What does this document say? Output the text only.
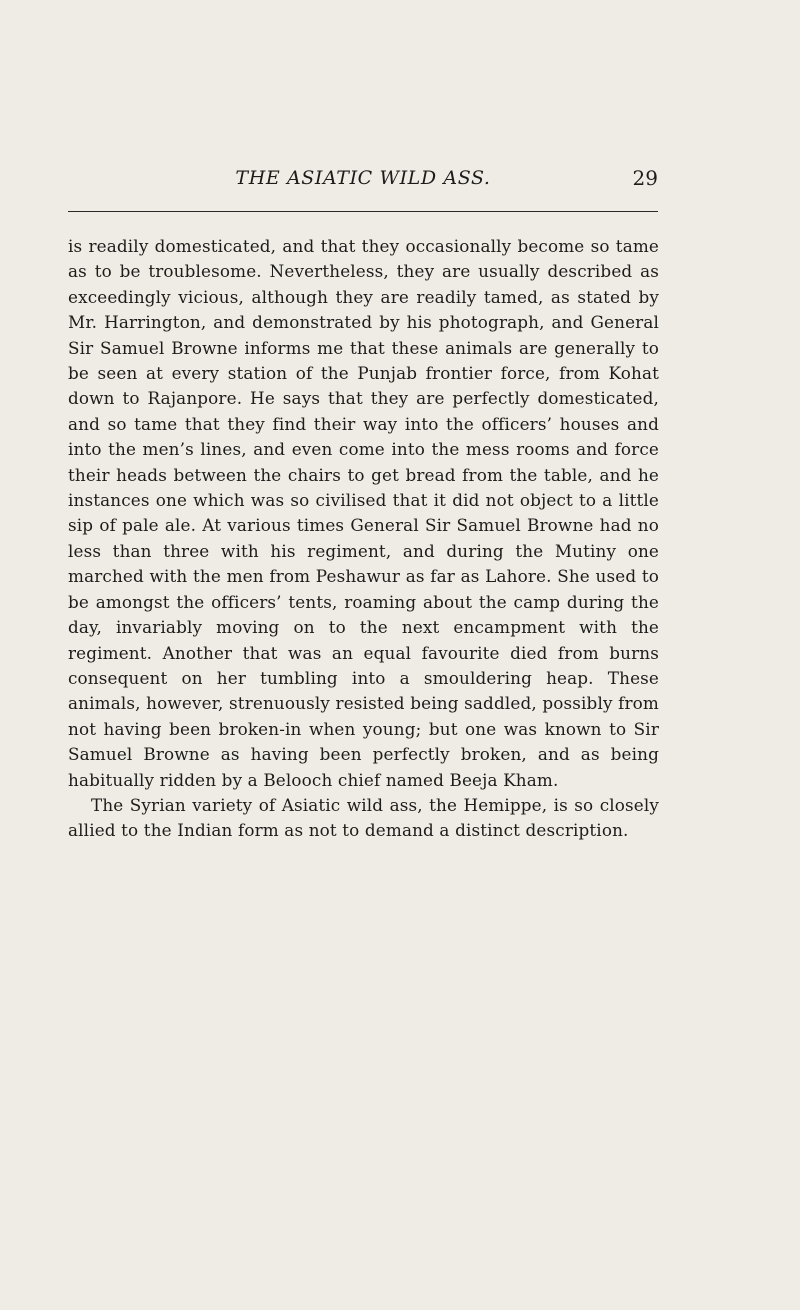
THE ASIATIC WILD ASS.	29

is readily domesticated, and that they occasionally become so tame as to be troublesome. Nevertheless, they are usually described as exceedingly vicious, although they are readily tamed, as stated by Mr. Harrington, and demonstrated by his photograph, and General Sir Samuel Browne informs me that these animals are generally to be seen at every station of the Punjab frontier force, from Kohat down to Rajanpore. He says that they are perfectly domesticated, and so tame that they find their way into the officers’ houses and into the men’s lines, and even come into the mess rooms and force their heads between the chairs to get bread from the table, and he instances one which was so civilised that it did not object to a little sip of pale ale. At various times General Sir Samuel Browne had no less than three with his regiment, and during the Mutiny one marched with the men from Peshawur as far as Lahore. She used to be amongst the officers’ tents, roaming about the camp during the day, invariably moving on to the next encampment with the regiment. Another that was an equal favourite died from burns consequent on her tumbling into a smouldering heap. These animals, however, strenuously resisted being saddled, possibly from not having been broken-in when young; but one was known to Sir Samuel Browne as having been perfectly broken, and as being habitually ridden by a Belooch chief named Beeja Kham.

The Syrian variety of Asiatic wild ass, the Hemippe, is so closely allied to the Indian form as not to demand a distinct description.
